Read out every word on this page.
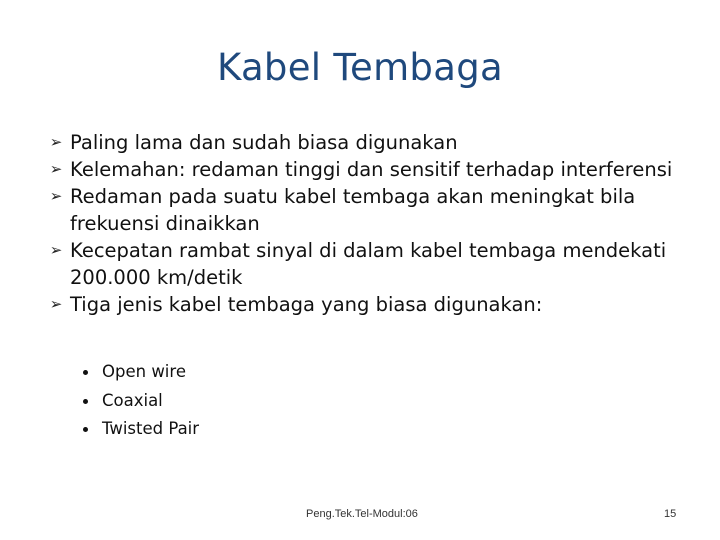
Kabel Tembaga
➢ Paling lama dan sudah biasa digunakan
➢ Kelemahan: redaman tinggi dan sensitif terhadap interferensi
➢ Redaman pada suatu kabel tembaga akan meningkat bila
frekuensi dinaikkan
➢ Kecepatan rambat sinyal di dalam kabel tembaga mendekati
200.000 km/detik
➢ Tiga jenis kabel tembaga yang biasa digunakan:
Open wire
Coaxial
Twisted Pair
Peng.Tek.Tel-Modul:06	15
